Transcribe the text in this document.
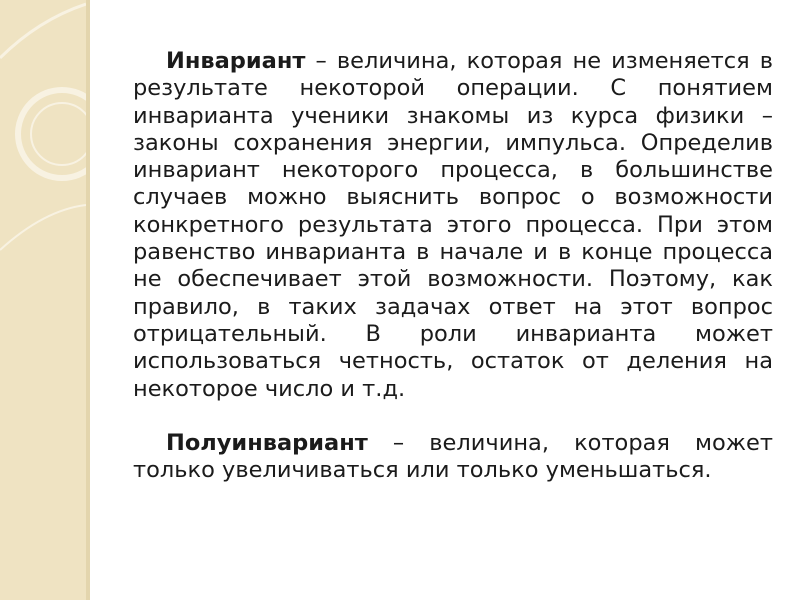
Инвариант – величина, которая не изменяется в результате некоторой операции. С понятием инварианта ученики знакомы из курса физики – законы сохранения энергии, импульса. Определив инвариант некоторого процесса, в большинстве случаев можно выяснить вопрос о возможности конкретного результата этого процесса. При этом равенство инварианта в начале и в конце процесса не обеспечивает этой возможности. Поэтому, как правило, в таких задачах ответ на этот вопрос отрицательный. В роли инварианта может использоваться четность, остаток от деления на некоторое число и т.д.

Полуинвариант – величина, которая может только увеличиваться или только уменьшаться.
